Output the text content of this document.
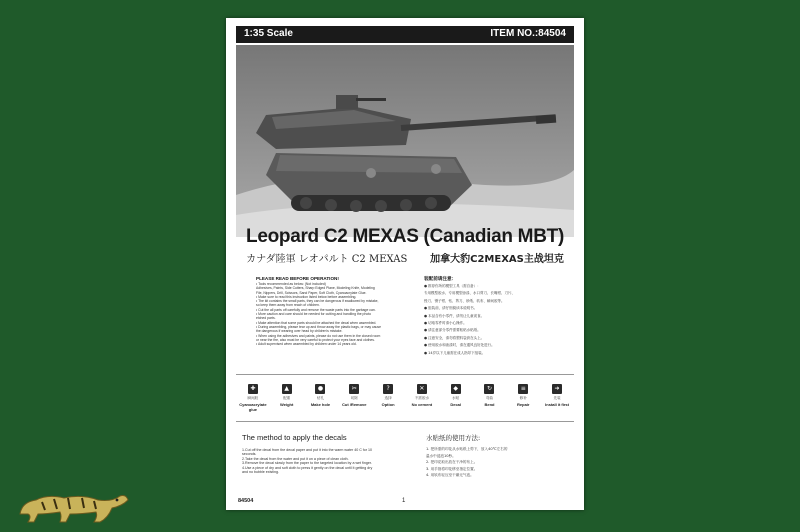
1:35 Scale	ITEM NO.:84504
Leopard C2 MEXAS (Canadian MBT)
カナダ陸軍 レオパルト C2 MEXAS 加拿大豹C2MEXAS主战坦克
PLEASE READ BEFORE OPERATION!
• Tools recommended as below: (Not included)
Adhesives, Paints, Side Cutters, Sharp Edged Plane, Modeling Knife, Modeling
File, Nippers, Drill, Scissors, Sand Paper, Soft Cloth, Cyanoacrylate Glue.
• Make sure to read this instruction listed below before assembling.
• The kit contains the small parts, they can be dangerous if swallowed by mistake,
so keep them away from reach of children.
• Cut the all parts off carefully and remove the waste parts into the garbage can.
• More caution and care should be needed for cutting and handling the photo
etched parts.
• Make attention that some parts should be attached the decal when assembled.
• During assembling, please tear up and throw away the plastic bags, or may cause
the dangerous if wearing over head by children's mistake.
• When using the adhesives and paints, please do not use them in the closed room
or near the fire, also must be very careful to protect your eyes face and clothes.
• Adult supervised when assembled by children under 14 years old.
装配前请注意：
● 推荐你所的模型工具（需自备）：
专用模型胶水、专用模型涂漆、水口剪刀、长嘴钳、刀片、
锉刀、镊子钳、钻、剪刀、砂纸、软布、瞬间胶等。
● 组装前，请仔细阅读本说明书。
● 本品含有小零件，请勿让儿童误食。
● 切取零件时请小心操作。
● 请注意部分零件需要粘贴水贴纸。
● 注意安全，请勿将塑料袋套在头上。
● 使用胶水和油漆时，请在通风良好处进行。
● 14岁以下儿童需在成人指导下组装。
✚
瞬间胶
Cyanoacrylate glue
▲
配重
Weight
●
钻孔
Make hole
✂
切除
Cut /Remove
?
选择
Option
✕
不需胶水
No cement
◆
水贴
Decal
↻
弯曲
Bend
≡
修补
Repair
➜
先装
Install it first
The method to apply the decals
1.Cut off the decal from the decal paper and put it into the warm water 40 C for 10
seconds.
2.Take the decal from the water and put it on a piece of clean cloth.
3.Remove the decal slowly from the paper to the targeted location by a wet finger.
4.Use a piece of dry and soft cloth to press it gently on the decal until it getting dry
and no bubble existing.
水贴纸的使用方法:
1. 把所需的印花从水贴纸上剪下，放入40℃左右的
温水中浸泡10秒。
2. 把印花取出放在干净的布上。
3. 用手指将印花移至指定位置。
4. 用软布轻压至干燥无气泡。
84504	1
